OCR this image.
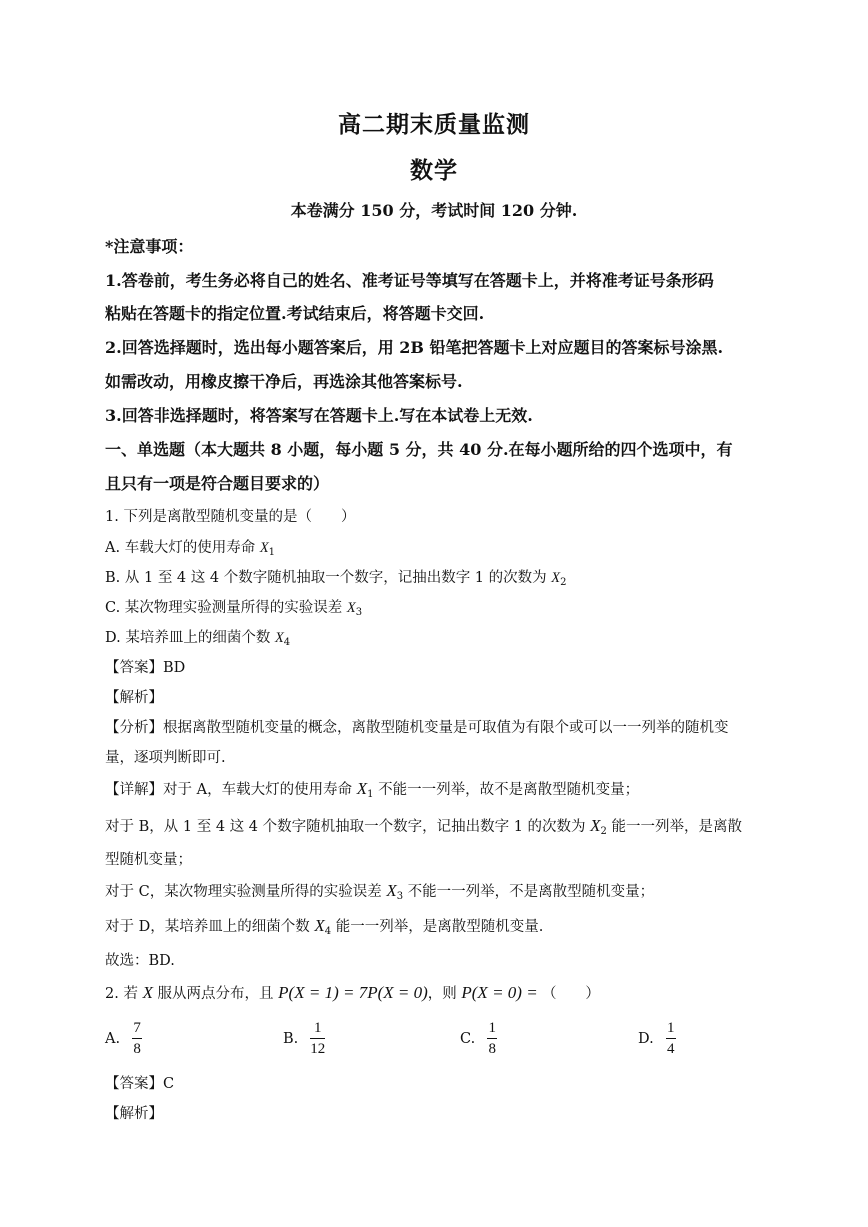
高二期末质量监测
数学
本卷满分 150 分，考试时间 120 分钟.
*注意事项：
1.答卷前，考生务必将自己的姓名、准考证号等填写在答题卡上，并将准考证号条形码
粘贴在答题卡的指定位置.考试结束后，将答题卡交回.
2.回答选择题时，选出每小题答案后，用 2B 铅笔把答题卡上对应题目的答案标号涂黑.
如需改动，用橡皮擦干净后，再选涂其他答案标号.
3.回答非选择题时，将答案写在答题卡上.写在本试卷上无效.
一、单选题（本大题共 8 小题，每小题 5 分，共 40 分.在每小题所给的四个选项中，有
且只有一项是符合题目要求的）
1. 下列是离散型随机变量的是（　　）
A. 车载大灯的使用寿命 $X_1$
B. 从 1 至 4 这 4 个数字随机抽取一个数字，记抽出数字 1 的次数为 $X_2$
C. 某次物理实验测量所得的实验误差 $X_3$
D. 某培养皿上的细菌个数 $X_4$
【答案】BD
【解析】
【分析】根据离散型随机变量的概念，离散型随机变量是可取值为有限个或可以一一列举的随机变
量，逐项判断即可.
【详解】对于 A，车载大灯的使用寿命 $X_1$ 不能一一列举，故不是离散型随机变量；
对于 B，从 1 至 4 这 4 个数字随机抽取一个数字，记抽出数字 1 的次数为 $X_2$ 能一一列举，是离散
型随机变量；
对于 C，某次物理实验测量所得的实验误差 $X_3$ 不能一一列举，不是离散型随机变量；
对于 D，某培养皿上的细菌个数 $X_4$ 能一一列举，是离散型随机变量.
故选：BD.
2. 若 X 服从两点分布，且 P(X = 1) = 7P(X = 0)，则 P(X = 0) = （　　）
A. $\frac{7}{8}$	B. $\frac{1}{12}$	C. $\frac{1}{8}$	D. $\frac{1}{4}$
【答案】C
【解析】
